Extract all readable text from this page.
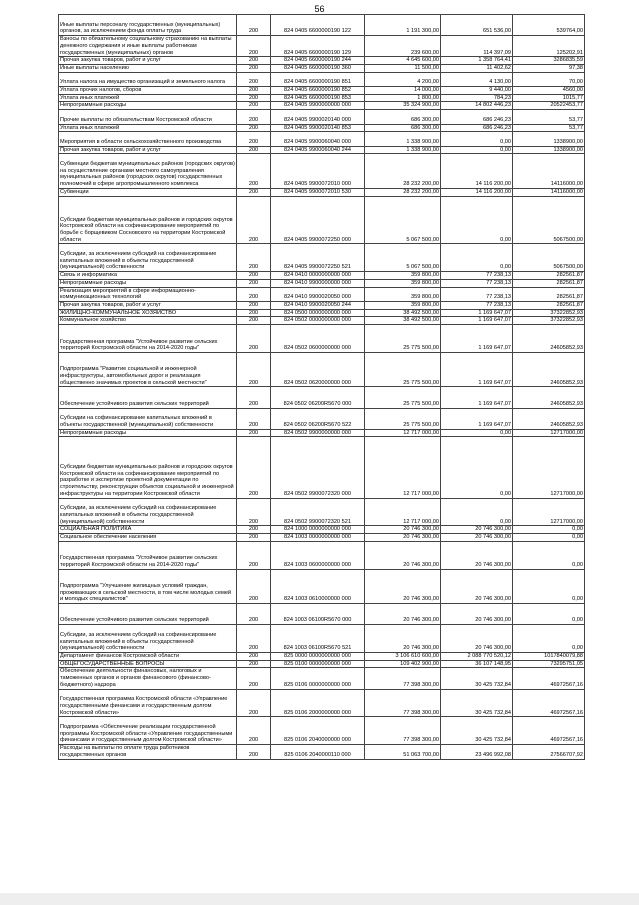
56
Иные выплаты персоналу государственных (муниципальных) органов, за исключением фонда оплаты труда	200	824 0405 6600000190 122	1 191 300,00	651 536,00	539764,00
Взносы по обязательному социальному страхованию на выплаты денежного содержания и иные выплаты работникам государственных (муниципальных) органов	200	824 0405 6600000190 129	239 600,00	114 397,09	125202,91
Прочая закупка товаров, работ и услуг	200	824 0405 6600000190 244	4 645 600,00	1 358 764,41	3286835,59
Иные выплаты населению	200	824 0405 6600000190 360	11 500,00	11 402,62	97,38
Уплата налога на имущество организаций и земельного налога	200	824 0405 6600000190 851	4 200,00	4 130,00	70,00
Уплата прочих налогов, сборов	200	824 0405 6600000190 852	14 000,00	9 440,00	4560,00
Уплата иных платежей	200	824 0405 6600000190 853	1 800,00	784,23	1015,77
Непрограммные расходы	200	824 0405 9900000000 000	35 324 900,00	14 802 446,23	20522453,77
Прочие выплаты по обязательствам Костромской области	200	824 0405 9900020140 000	686 300,00	686 246,23	53,77
Уплата иных платежей	200	824 0405 9900020140 853	686 300,00	686 246,23	53,77
Мероприятия в области сельскохозяйственного производства	200	824 0405 9900060040 000	1 338 900,00	0,00	1338900,00
Прочая закупка товаров, работ и услуг	200	824 0405 9900060040 244	1 338 900,00	0,00	1338900,00
Субвенции бюджетам муниципальных районов (городских округов) на осуществление органами местного самоуправления муниципальных районов (городских округов) государственных полномочий в сфере агропромышленного комплекса	200	824 0405 9900072010 000	28 232 200,00	14 116 200,00	14116000,00
Субвенции	200	824 0405 9900072010 530	28 232 200,00	14 116 200,00	14116000,00
Субсидии бюджетам муниципальных районов и городских округов Костромской области на софинансирование мероприятий по борьбе с борщевиком Сосновского на территории Костромской области	200	824 0405 9900072250 000	5 067 500,00	0,00	5067500,00
Субсидии, за исключением субсидий на софинансирование капитальных вложений в объекты государственной (муниципальной) собственности	200	824 0405 9900072250 521	5 067 500,00	0,00	5067500,00
Связь и информатика	200	824 0410 0000000000 000	359 800,00	77 238,13	282561,87
Непрограммные расходы	200	824 0410 9900000000 000	359 800,00	77 238,13	282561,87
Реализация мероприятий в сфере информационно-коммуникационных технологий	200	824 0410 9900020050 000	359 800,00	77 238,13	282561,87
Прочая закупка товаров, работ и услуг	200	824 0410 9900020050 244	359 800,00	77 238,13	282561,87
ЖИЛИЩНО-КОММУНАЛЬНОЕ ХОЗЯЙСТВО	200	824 0500 0000000000 000	38 492 500,00	1 169 647,07	37322852,93
Коммунальное хозяйство	200	824 0502 0000000000 000	38 492 500,00	1 169 647,07	37322852,93
Государственная программа "Устойчивое развитие сельских территорий Костромской области на 2014-2020 годы"	200	824 0502 0600000000 000	25 775 500,00	1 169 647,07	24605852,93
Подпрограмма "Развитие социальной и инженерной инфраструктуры, автомобильных дорог и реализация общественно значимых проектов в сельской местности"	200	824 0502 0620000000 000	25 775 500,00	1 169 647,07	24605852,93
Обеспечение устойчивого развития сельских территорий	200	824 0502 06200R5670 000	25 775 500,00	1 169 647,07	24605852,93
Субсидии на софинансирование капитальных вложений в объекты государственной (муниципальной) собственности	200	824 0502 06200R5670 522	25 775 500,00	1 169 647,07	24605852,93
Непрограммные расходы	200	824 0502 9900000000 000	12 717 000,00	0,00	12717000,00
Субсидии бюджетам муниципальных районов и городских округов Костромской области на софинансирование мероприятий по разработке и экспертизе проектной документации по строительству, реконструкции объектов социальной и инженерной инфраструктуры на территории Костромской области	200	824 0502 9900072320 000	12 717 000,00	0,00	12717000,00
Субсидии, за исключением субсидий на софинансирование капитальных вложений в объекты государственной (муниципальной) собственности	200	824 0502 9900072320 521	12 717 000,00	0,00	12717000,00
СОЦИАЛЬНАЯ ПОЛИТИКА	200	824 1000 0000000000 000	20 746 300,00	20 746 300,00	0,00
Социальное обеспечение населения	200	824 1003 0000000000 000	20 746 300,00	20 746 300,00	0,00
Государственная программа "Устойчивое развитие сельских территорий Костромской области на 2014-2020 годы"	200	824 1003 0600000000 000	20 746 300,00	20 746 300,00	0,00
Подпрограмма "Улучшение жилищных условий граждан, проживающих в сельской местности, в том числе молодых семей и молодых специалистов"	200	824 1003 0610000000 000	20 746 300,00	20 746 300,00	0,00
Обеспечение устойчивого развития сельских территорий	200	824 1003 06100R5670 000	20 746 300,00	20 746 300,00	0,00
Субсидии, за исключением субсидий на софинансирование капитальных вложений в объекты государственной (муниципальной) собственности	200	824 1003 06100R5670 521	20 746 300,00	20 746 300,00	0,00
Департамент финансов Костромской области	200	825 0000 0000000000 000	3 106 610 600,00	2 088 770 520,12	1017840079,88
ОБЩЕГОСУДАРСТВЕННЫЕ ВОПРОСЫ	200	825 0100 0000000000 000	109 402 900,00	36 107 148,95	73295751,05
Обеспечение деятельности финансовых, налоговых и таможенных органов и органов финансового (финансово-бюджетного) надзора	200	825 0106 0000000000 000	77 398 300,00	30 425 732,84	46972567,16
Государственная программа Костромской области «Управление государственными финансами и государственным долгом Костромской области»	200	825 0106 2000000000 000	77 398 300,00	30 425 732,84	46972567,16
Подпрограмма «Обеспечение реализации государственной программы Костромской области «Управление государственными финансами и государственным долгом Костромской области»	200	825 0106 2040000000 000	77 398 300,00	30 425 732,84	46972567,16
Расходы на выплаты по оплате труда работников государственных органов	200	825 0106 2040000110 000	51 063 700,00	23 496 992,08	27566707,92
